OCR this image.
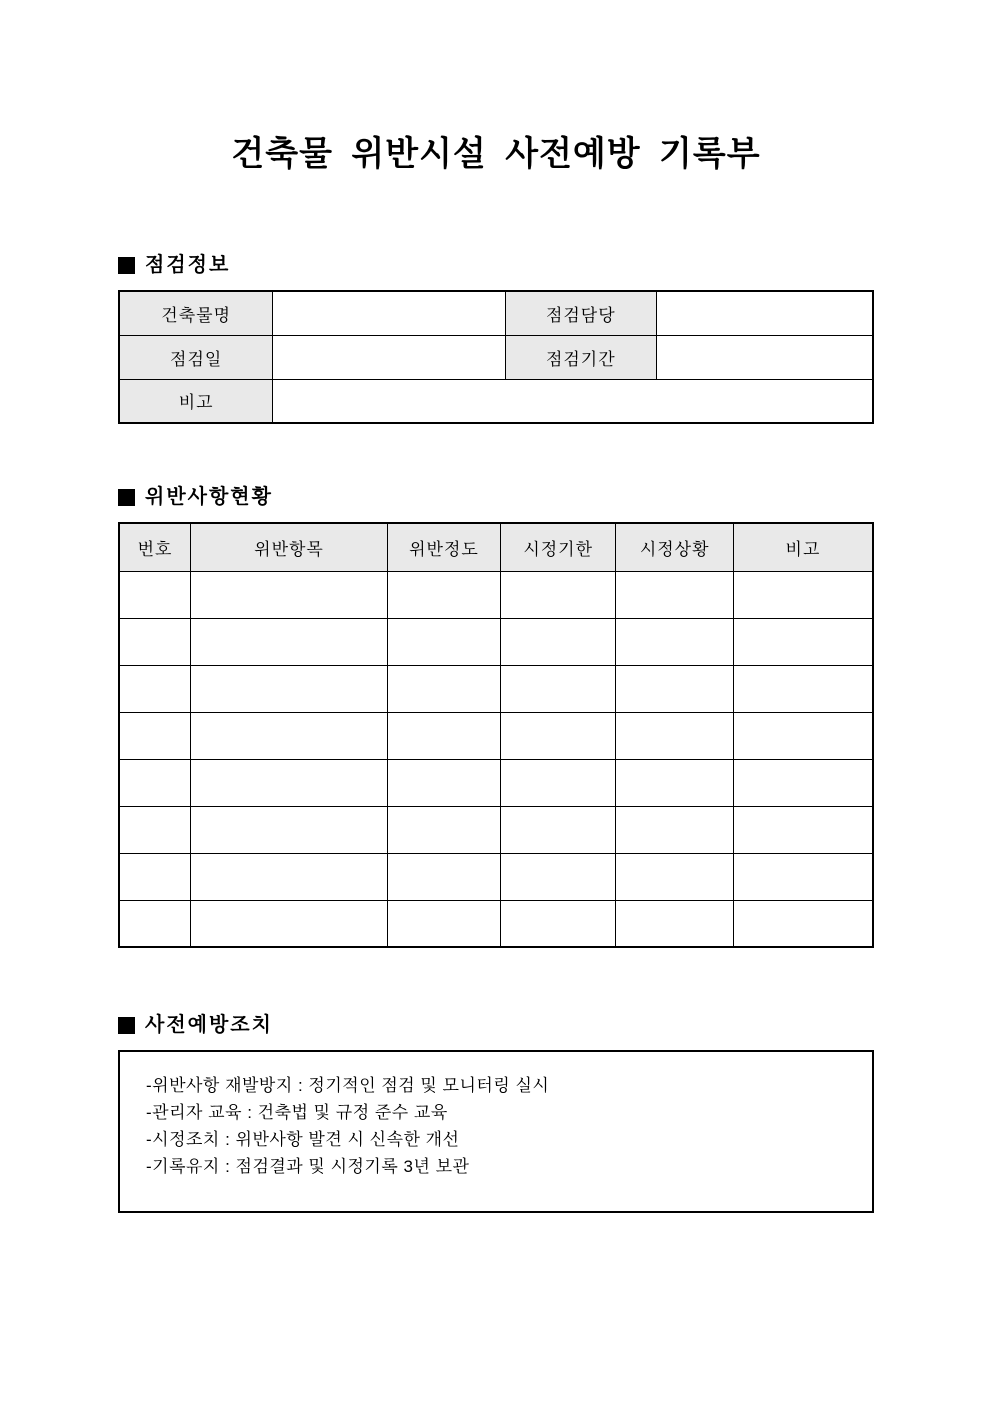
건축물 위반시설 사전예방 기록부
점검정보
건축물명		점검담당	
점검일		점검기간	
비고			
위반사항현황
번호	위반항목	위반정도	시정기한	시정상황	비고

사전예방조치
-위반사항 재발방지 : 정기적인 점검 및 모니터링 실시
-관리자 교육 : 건축법 및 규정 준수 교육
-시정조치 : 위반사항 발견 시 신속한 개선
-기록유지 : 점검결과 및 시정기록 3년 보관
